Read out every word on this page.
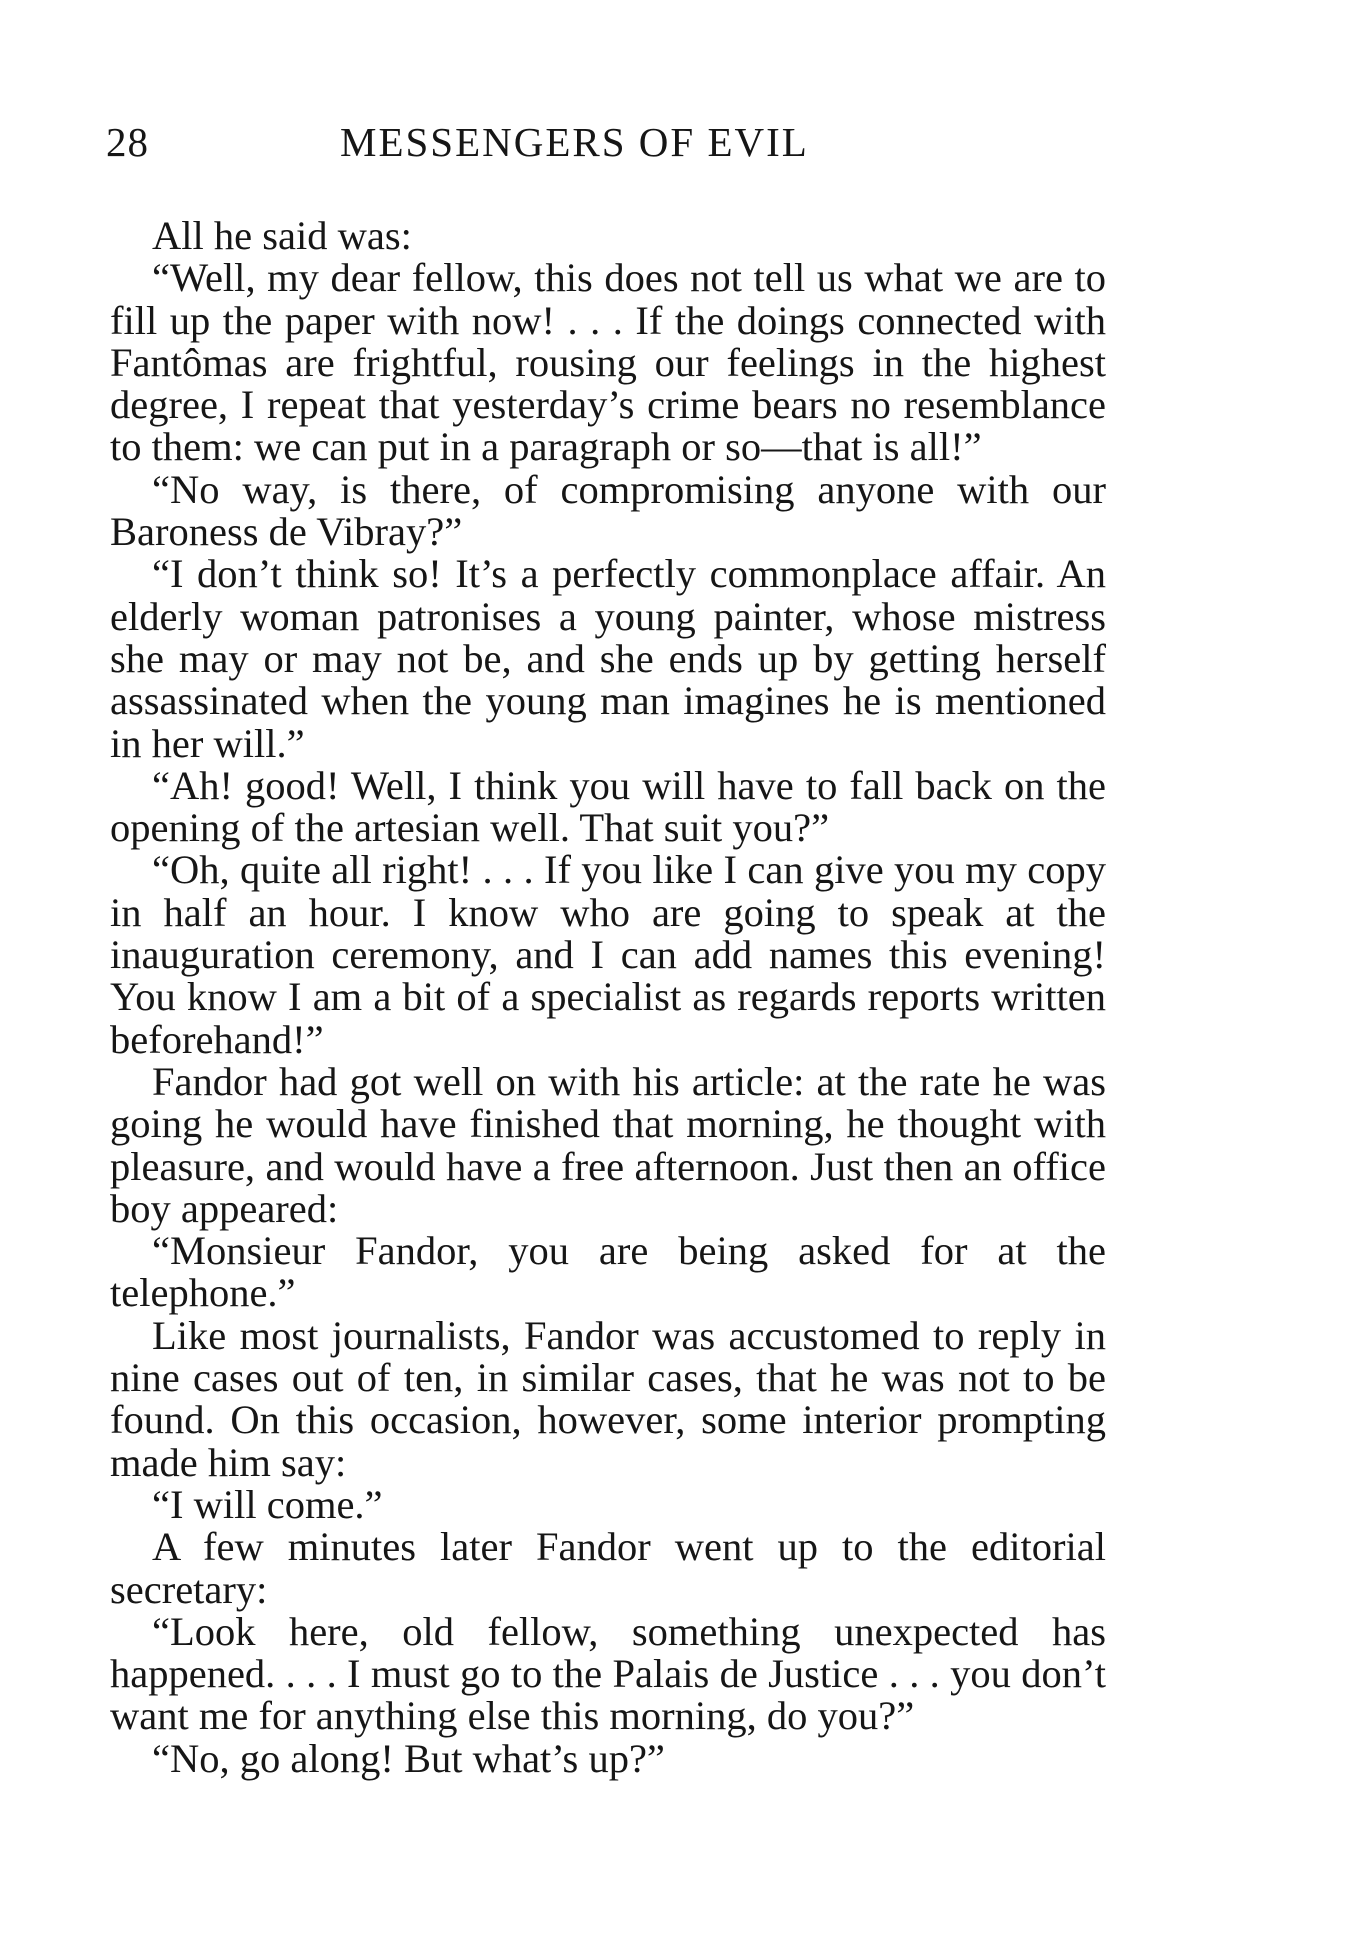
28	MESSENGERS OF EVIL

All he said was:

“Well, my dear fellow, this does not tell us what we are to fill up the paper with now! . . . If the doings connected with Fantômas are frightful, rousing our feelings in the highest degree, I repeat that yesterday’s crime bears no resemblance to them: we can put in a paragraph or so—that is all!”

“No way, is there, of compromising anyone with our Baroness de Vibray?”

“I don’t think so! It’s a perfectly commonplace affair. An elderly woman patronises a young painter, whose mistress she may or may not be, and she ends up by getting herself assassinated when the young man imagines he is mentioned in her will.”

“Ah! good! Well, I think you will have to fall back on the opening of the artesian well. That suit you?”

“Oh, quite all right! . . . If you like I can give you my copy in half an hour. I know who are going to speak at the inauguration ceremony, and I can add names this evening! You know I am a bit of a specialist as regards reports written beforehand!”

Fandor had got well on with his article: at the rate he was going he would have finished that morning, he thought with pleasure, and would have a free afternoon. Just then an office boy appeared:

“Monsieur Fandor, you are being asked for at the telephone.”

Like most journalists, Fandor was accustomed to reply in nine cases out of ten, in similar cases, that he was not to be found. On this occasion, however, some interior prompting made him say:

“I will come.”

A few minutes later Fandor went up to the editorial secretary:

“Look here, old fellow, something unexpected has happened. . . . I must go to the Palais de Justice . . . you don’t want me for anything else this morning, do you?”

“No, go along! But what’s up?”
